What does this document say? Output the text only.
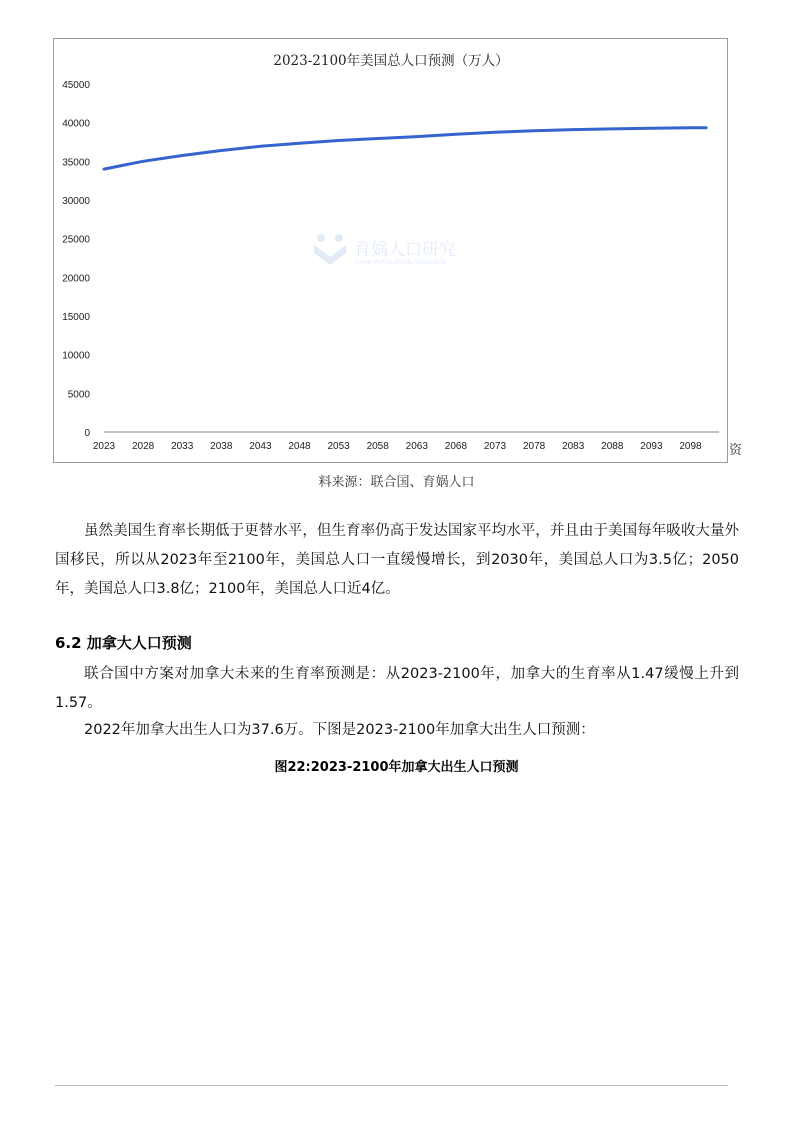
2023-2100年美国总人口预测（万人）
0
5000
10000
15000
20000
25000
30000
35000
40000
45000
2023 2028 2033 2038 2043 2048 2053 2058 2063 2068 2073 2078 2083 2088 2093 2098
育娲人口研究
YUWA POPULATION RESEARCH
资
料来源：联合国、育娲人口

虽然美国生育率长期低于更替水平，但生育率仍高于发达国家平均水平，并且由于美国每年吸收大量外国移民，所以从2023年至2100年，美国总人口一直缓慢增长，到2030年，美国总人口为3.5亿；2050年，美国总人口3.8亿；2100年，美国总人口近4亿。

6.2 加拿大人口预测

联合国中方案对加拿大未来的生育率预测是：从2023-2100年，加拿大的生育率从1.47缓慢上升到1.57。

2022年加拿大出生人口为37.6万。下图是2023-2100年加拿大出生人口预测：

图22:2023-2100年加拿大出生人口预测
